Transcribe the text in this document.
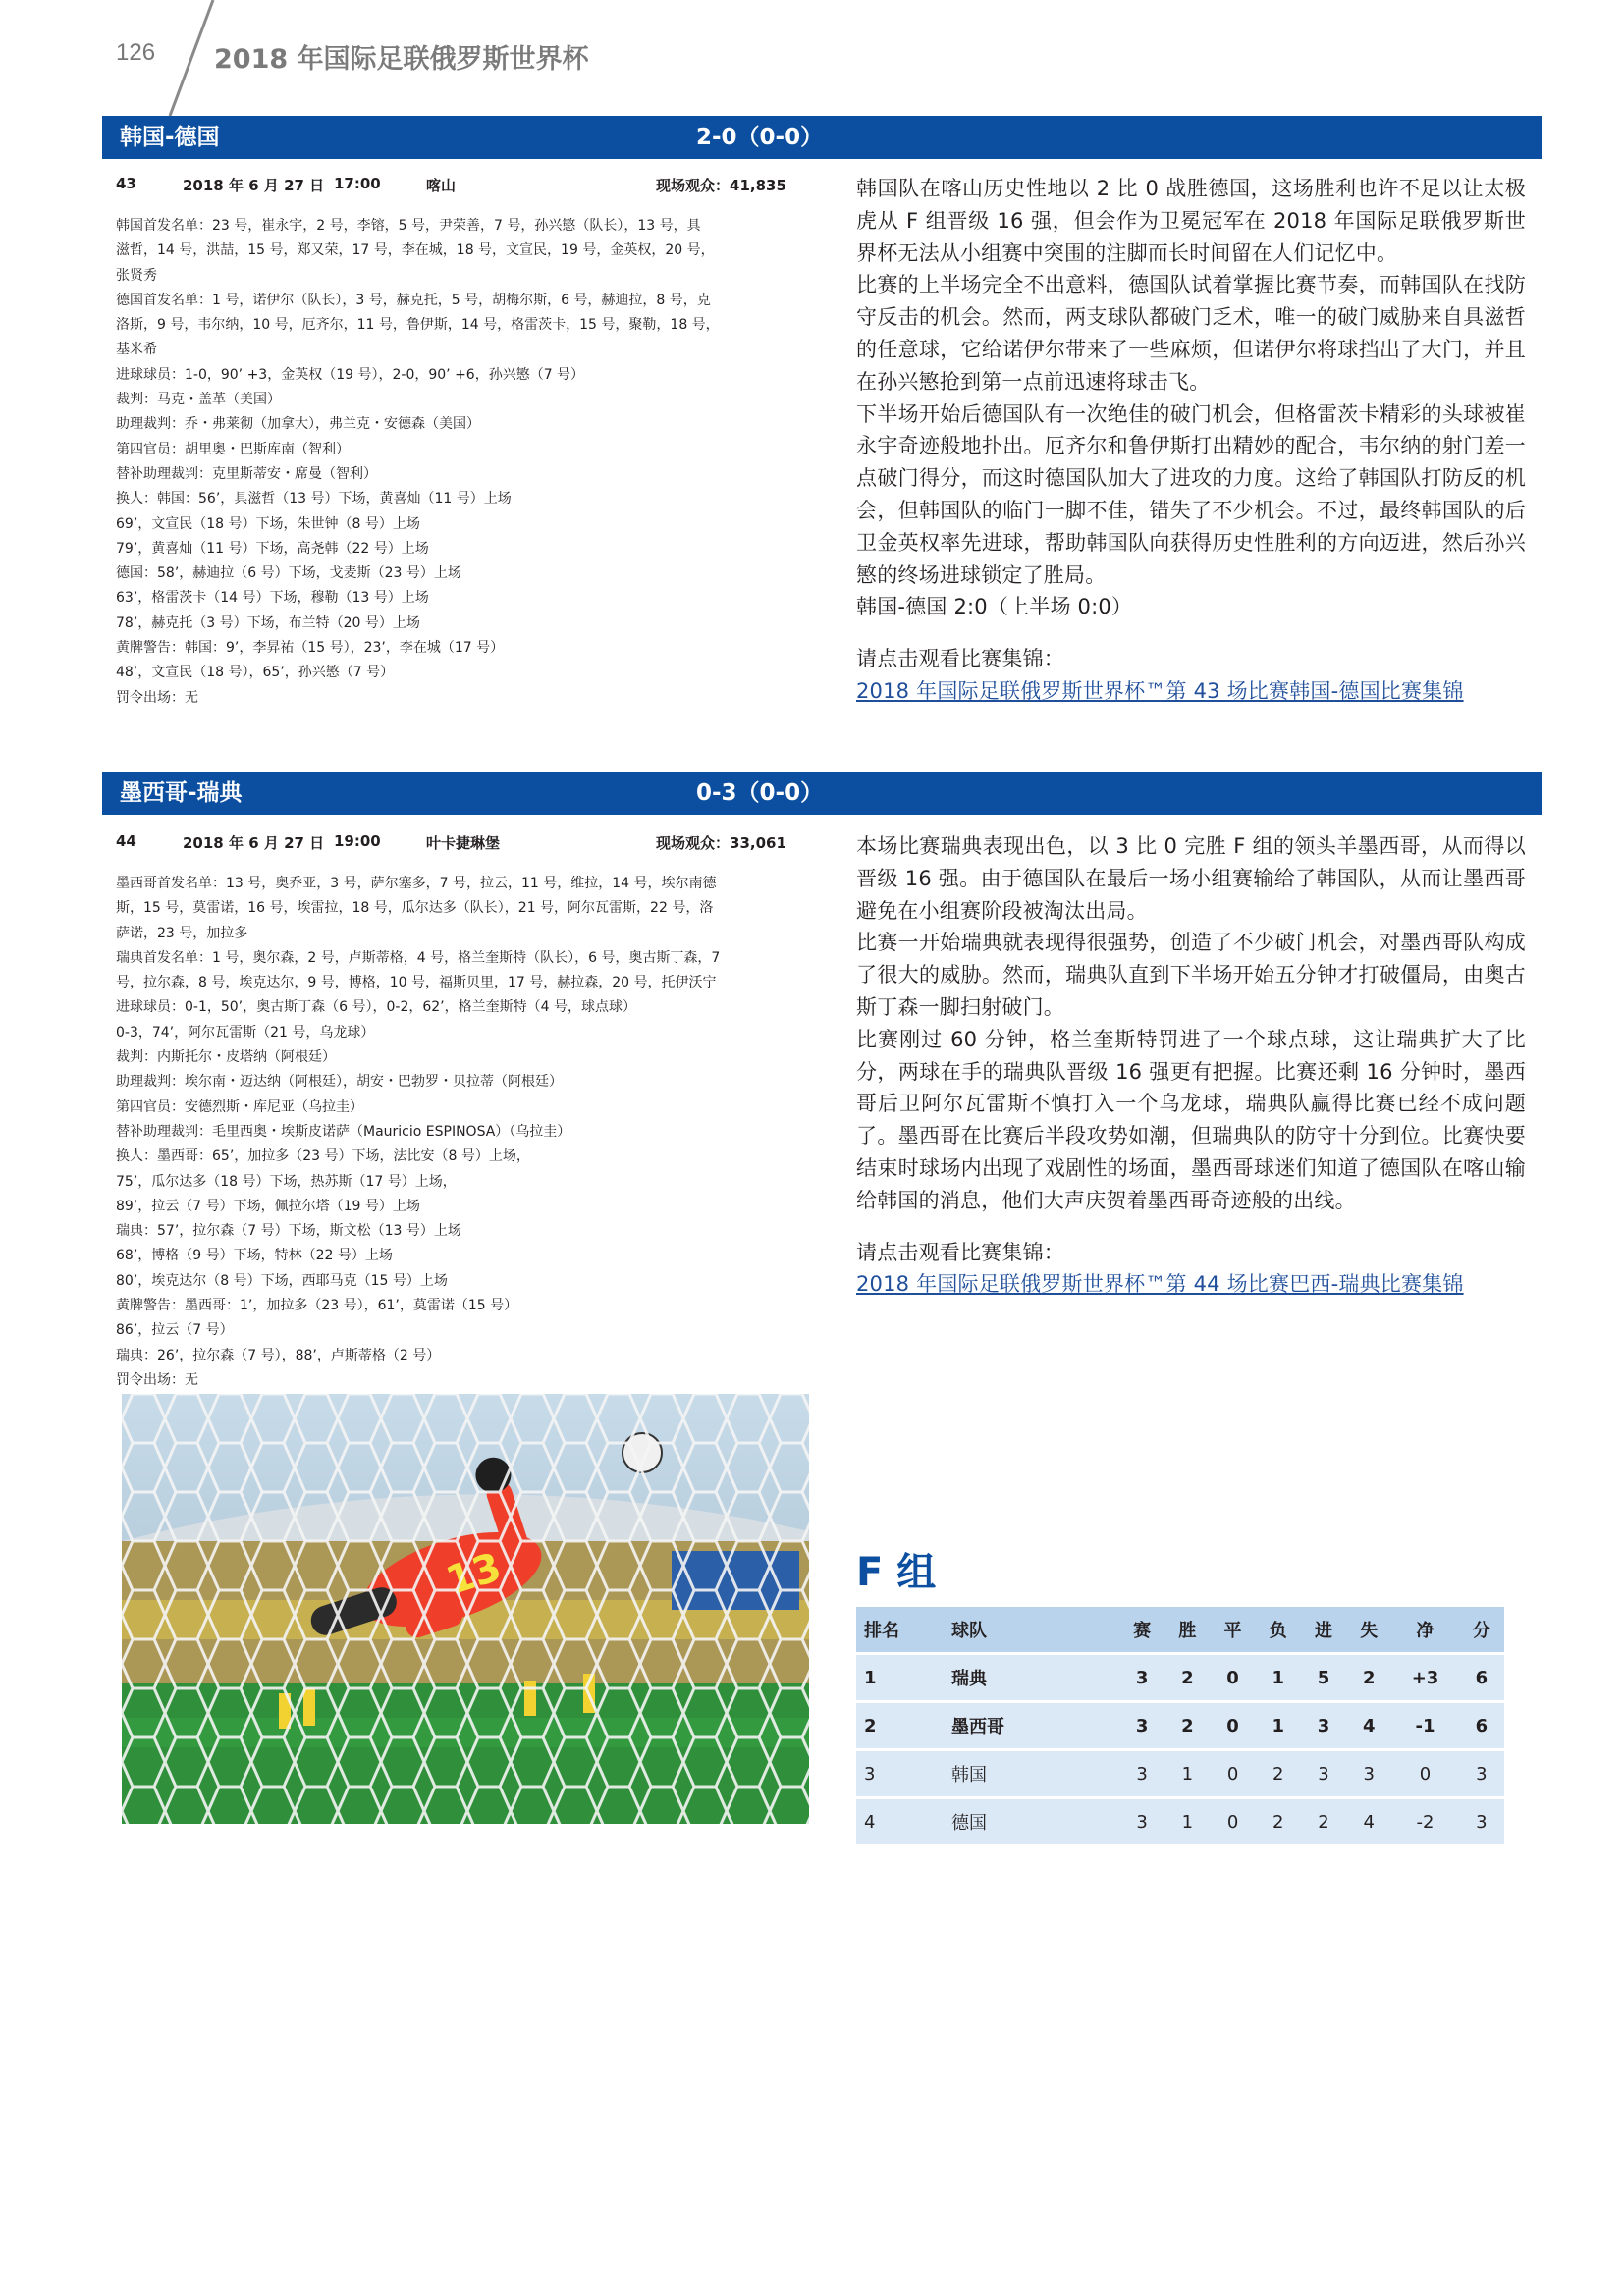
126 2018 年国际足联俄罗斯世界杯
韩国-德国	2-0（0-0）
43	2018 年 6 月 27 日 17:00	喀山	现场观众：41,835

韩国首发名单：23 号，崔永宇，2 号，李镕，5 号，尹荣善，7 号，孙兴慜（队长），13 号，具

滋哲，14 号，洪喆，15 号，郑又荣，17 号，李在城，18 号，文宣民，19 号，金英权，20 号，

张贤秀

德国首发名单：1 号，诺伊尔（队长），3 号，赫克托，5 号，胡梅尔斯，6 号，赫迪拉，8 号，克

洛斯，9 号，韦尔纳，10 号，厄齐尔，11 号，鲁伊斯，14 号，格雷茨卡，15 号，聚勒，18 号，

基米希

进球球员：1-0，90’ +3，金英权（19 号），2-0，90’ +6，孙兴慜（7 号）

裁判：马克・盖革（美国）

助理裁判：乔・弗莱彻（加拿大），弗兰克・安德森（美国）

第四官员：胡里奥・巴斯库南（智利）

替补助理裁判：克里斯蒂安・席曼（智利）

换人：韩国：56’，具滋哲（13 号）下场，黄喜灿（11 号）上场

69’，文宣民（18 号）下场，朱世钟（8 号）上场

79’，黄喜灿（11 号）下场，高尧韩（22 号）上场

德国：58’，赫迪拉（6 号）下场，戈麦斯（23 号）上场

63’，格雷茨卡（14 号）下场，穆勒（13 号）上场

78’，赫克托（3 号）下场，布兰特（20 号）上场

黄牌警告：韩国：9’，李昇祐（15 号），23’，李在城（17 号）

48’，文宣民（18 号），65’，孙兴慜（7 号）

罚令出场：无

韩国队在喀山历史性地以 2 比 0 战胜德国，这场胜利也许不足以让太极虎从 F 组晋级 16 强，但会作为卫冕冠军在 2018 年国际足联俄罗斯世界杯无法从小组赛中突围的注脚而长时间留在人们记忆中。

比赛的上半场完全不出意料，德国队试着掌握比赛节奏，而韩国队在找防守反击的机会。然而，两支球队都破门乏术，唯一的破门威胁来自具滋哲的任意球，它给诺伊尔带来了一些麻烦，但诺伊尔将球挡出了大门，并且在孙兴慜抢到第一点前迅速将球击飞。

下半场开始后德国队有一次绝佳的破门机会，但格雷茨卡精彩的头球被崔永宇奇迹般地扑出。厄齐尔和鲁伊斯打出精妙的配合，韦尔纳的射门差一点破门得分，而这时德国队加大了进攻的力度。这给了韩国队打防反的机会，但韩国队的临门一脚不佳，错失了不少机会。不过，最终韩国队的后卫金英权率先进球，帮助韩国队向获得历史性胜利的方向迈进，然后孙兴慜的终场进球锁定了胜局。

韩国-德国 2:0（上半场 0:0）

请点击观看比赛集锦：

2018 年国际足联俄罗斯世界杯™第 43 场比赛韩国-德国比赛集锦

墨西哥-瑞典	0-3（0-0）
44	2018 年 6 月 27 日 19:00	叶卡捷琳堡	现场观众：33,061

墨西哥首发名单：13 号，奥乔亚，3 号，萨尔塞多，7 号，拉云，11 号，维拉，14 号，埃尔南德

斯，15 号，莫雷诺，16 号，埃雷拉，18 号，瓜尔达多（队长），21 号，阿尔瓦雷斯，22 号，洛

萨诺，23 号，加拉多

瑞典首发名单：1 号，奥尔森，2 号，卢斯蒂格，4 号，格兰奎斯特（队长），6 号，奥古斯丁森，7

号，拉尔森，8 号，埃克达尔，9 号，博格，10 号，福斯贝里，17 号，赫拉森，20 号，托伊沃宁

进球球员：0-1，50’，奥古斯丁森（6 号），0-2，62’，格兰奎斯特（4 号，球点球）

0-3，74’，阿尔瓦雷斯（21 号，乌龙球）

裁判：内斯托尔・皮塔纳（阿根廷）

助理裁判：埃尔南・迈达纳（阿根廷），胡安・巴勃罗・贝拉蒂（阿根廷）

第四官员：安德烈斯・库尼亚（乌拉圭）

替补助理裁判：毛里西奥・埃斯皮诺萨（Mauricio ESPINOSA）（乌拉圭）

换人：墨西哥：65’，加拉多（23 号）下场，法比安（8 号）上场，

75’，瓜尔达多（18 号）下场，热苏斯（17 号）上场，

89’，拉云（7 号）下场，佩拉尔塔（19 号）上场

瑞典：57’，拉尔森（7 号）下场，斯文松（13 号）上场

68’，博格（9 号）下场，特林（22 号）上场

80’，埃克达尔（8 号）下场，西耶马克（15 号）上场

黄牌警告：墨西哥：1’，加拉多（23 号），61’，莫雷诺（15 号）

86’，拉云（7 号）

瑞典：26’，拉尔森（7 号），88’，卢斯蒂格（2 号）

罚令出场：无

本场比赛瑞典表现出色，以 3 比 0 完胜 F 组的领头羊墨西哥，从而得以晋级 16 强。由于德国队在最后一场小组赛输给了韩国队，从而让墨西哥避免在小组赛阶段被淘汰出局。

比赛一开始瑞典就表现得很强势，创造了不少破门机会，对墨西哥队构成了很大的威胁。然而，瑞典队直到下半场开始五分钟才打破僵局，由奥古斯丁森一脚扫射破门。

比赛刚过 60 分钟，格兰奎斯特罚进了一个球点球，这让瑞典扩大了比分，两球在手的瑞典队晋级 16 强更有把握。比赛还剩 16 分钟时，墨西哥后卫阿尔瓦雷斯不慎打入一个乌龙球，瑞典队赢得比赛已经不成问题了。墨西哥在比赛后半段攻势如潮，但瑞典队的防守十分到位。比赛快要结束时球场内出现了戏剧性的场面，墨西哥球迷们知道了德国队在喀山输给韩国的消息，他们大声庆贺着墨西哥奇迹般的出线。

请点击观看比赛集锦：

2018 年国际足联俄罗斯世界杯™第 44 场比赛巴西-瑞典比赛集锦

F 组
排名	球队	赛	胜	平	负	进	失	净	分
1	瑞典	3	2	0	1	5	2	+3	6
2	墨西哥	3	2	0	1	3	4	-1	6
3	韩国	3	1	0	2	3	3	0	3
4	德国	3	1	0	2	2	4	-2	3
